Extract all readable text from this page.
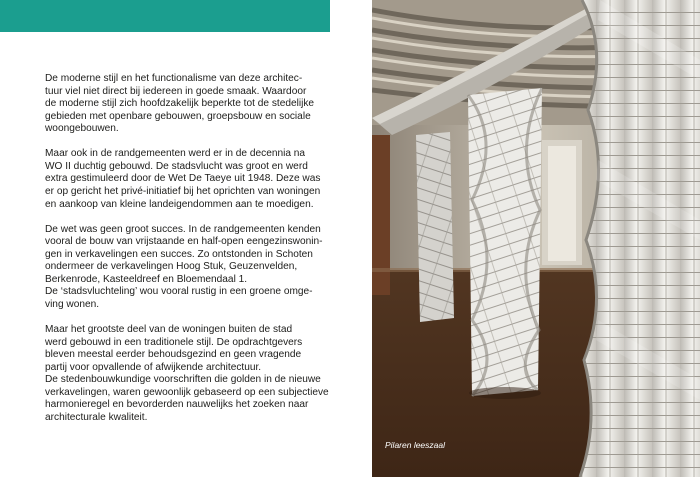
De moderne stijl en het functionalisme van deze architec-
tuur viel niet direct bij iedereen in goede smaak. Waardoor
de moderne stijl zich hoofdzakelijk beperkte tot de stedelijke
gebieden met openbare gebouwen, groepsbouw en sociale
woongebouwen.

Maar ook in de randgemeenten werd er in de decennia na
WO II duchtig gebouwd. De stadsvlucht was groot en werd
extra gestimuleerd door de Wet De Taeye uit 1948. Deze was
er op gericht het privé-initiatief bij het oprichten van woningen
en aankoop van kleine landeigendommen aan te moedigen.

De wet was geen groot succes. In de randgemeenten kenden
vooral de bouw van vrijstaande en half-open eengezinswonin-
gen in verkavelingen een succes. Zo ontstonden in Schoten
ondermeer de verkavelingen Hoog Stuk, Geuzenvelden,
Berkenrode, Kasteeldreef en Bloemendaal 1.
De ‘stadsvluchteling’ wou vooral rustig in een groene omge-
ving wonen.

Maar het grootste deel van de woningen buiten de stad
werd gebouwd in een traditionele stijl. De opdrachtgevers
bleven meestal eerder behoudsgezind en geen vragende
partij voor opvallende of afwijkende architectuur.
De stedenbouwkundige voorschriften die golden in de nieuwe
verkavelingen, waren gewoonlijk gebaseerd op een subjectieve
harmonieregel en bevorderden nauwelijks het zoeken naar
architecturale kwaliteit.

Pilaren leeszaal
